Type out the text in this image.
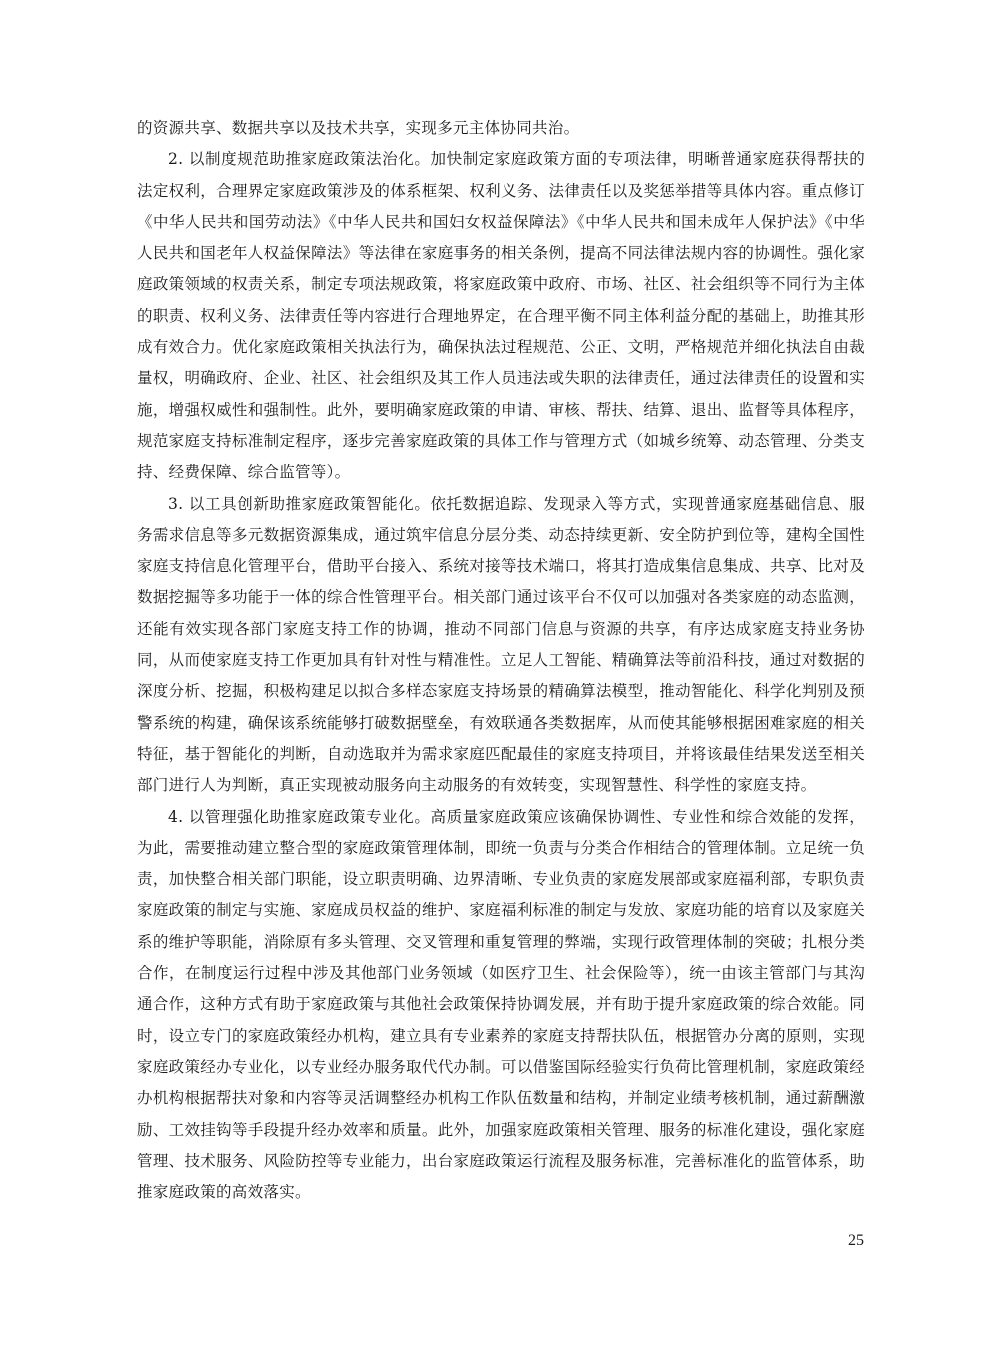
的资源共享、数据共享以及技术共享，实现多元主体协同共治。

2. 以制度规范助推家庭政策法治化。加快制定家庭政策方面的专项法律，明晰普通家庭获得帮扶的法定权利，合理界定家庭政策涉及的体系框架、权利义务、法律责任以及奖惩举措等具体内容。重点修订《中华人民共和国劳动法》《中华人民共和国妇女权益保障法》《中华人民共和国未成年人保护法》《中华人民共和国老年人权益保障法》等法律在家庭事务的相关条例，提高不同法律法规内容的协调性。强化家庭政策领域的权责关系，制定专项法规政策，将家庭政策中政府、市场、社区、社会组织等不同行为主体的职责、权利义务、法律责任等内容进行合理地界定，在合理平衡不同主体利益分配的基础上，助推其形成有效合力。优化家庭政策相关执法行为，确保执法过程规范、公正、文明，严格规范并细化执法自由裁量权，明确政府、企业、社区、社会组织及其工作人员违法或失职的法律责任，通过法律责任的设置和实施，增强权威性和强制性。此外，要明确家庭政策的申请、审核、帮扶、结算、退出、监督等具体程序，规范家庭支持标准制定程序，逐步完善家庭政策的具体工作与管理方式（如城乡统筹、动态管理、分类支持、经费保障、综合监管等）。

3. 以工具创新助推家庭政策智能化。依托数据追踪、发现录入等方式，实现普通家庭基础信息、服务需求信息等多元数据资源集成，通过筑牢信息分层分类、动态持续更新、安全防护到位等，建构全国性家庭支持信息化管理平台，借助平台接入、系统对接等技术端口，将其打造成集信息集成、共享、比对及数据挖掘等多功能于一体的综合性管理平台。相关部门通过该平台不仅可以加强对各类家庭的动态监测，还能有效实现各部门家庭支持工作的协调，推动不同部门信息与资源的共享，有序达成家庭支持业务协同，从而使家庭支持工作更加具有针对性与精准性。立足人工智能、精确算法等前沿科技，通过对数据的深度分析、挖掘，积极构建足以拟合多样态家庭支持场景的精确算法模型，推动智能化、科学化判别及预警系统的构建，确保该系统能够打破数据壁垒，有效联通各类数据库，从而使其能够根据困难家庭的相关特征，基于智能化的判断，自动选取并为需求家庭匹配最佳的家庭支持项目，并将该最佳结果发送至相关部门进行人为判断，真正实现被动服务向主动服务的有效转变，实现智慧性、科学性的家庭支持。

4. 以管理强化助推家庭政策专业化。高质量家庭政策应该确保协调性、专业性和综合效能的发挥，为此，需要推动建立整合型的家庭政策管理体制，即统一负责与分类合作相结合的管理体制。立足统一负责，加快整合相关部门职能，设立职责明确、边界清晰、专业负责的家庭发展部或家庭福利部，专职负责家庭政策的制定与实施、家庭成员权益的维护、家庭福利标准的制定与发放、家庭功能的培育以及家庭关系的维护等职能，消除原有多头管理、交叉管理和重复管理的弊端，实现行政管理体制的突破；扎根分类合作，在制度运行过程中涉及其他部门业务领域（如医疗卫生、社会保险等），统一由该主管部门与其沟通合作，这种方式有助于家庭政策与其他社会政策保持协调发展，并有助于提升家庭政策的综合效能。同时，设立专门的家庭政策经办机构，建立具有专业素养的家庭支持帮扶队伍，根据管办分离的原则，实现家庭政策经办专业化，以专业经办服务取代代办制。可以借鉴国际经验实行负荷比管理机制，家庭政策经办机构根据帮扶对象和内容等灵活调整经办机构工作队伍数量和结构，并制定业绩考核机制，通过薪酬激励、工效挂钩等手段提升经办效率和质量。此外，加强家庭政策相关管理、服务的标准化建设，强化家庭管理、技术服务、风险防控等专业能力，出台家庭政策运行流程及服务标准，完善标准化的监管体系，助推家庭政策的高效落实。

25
